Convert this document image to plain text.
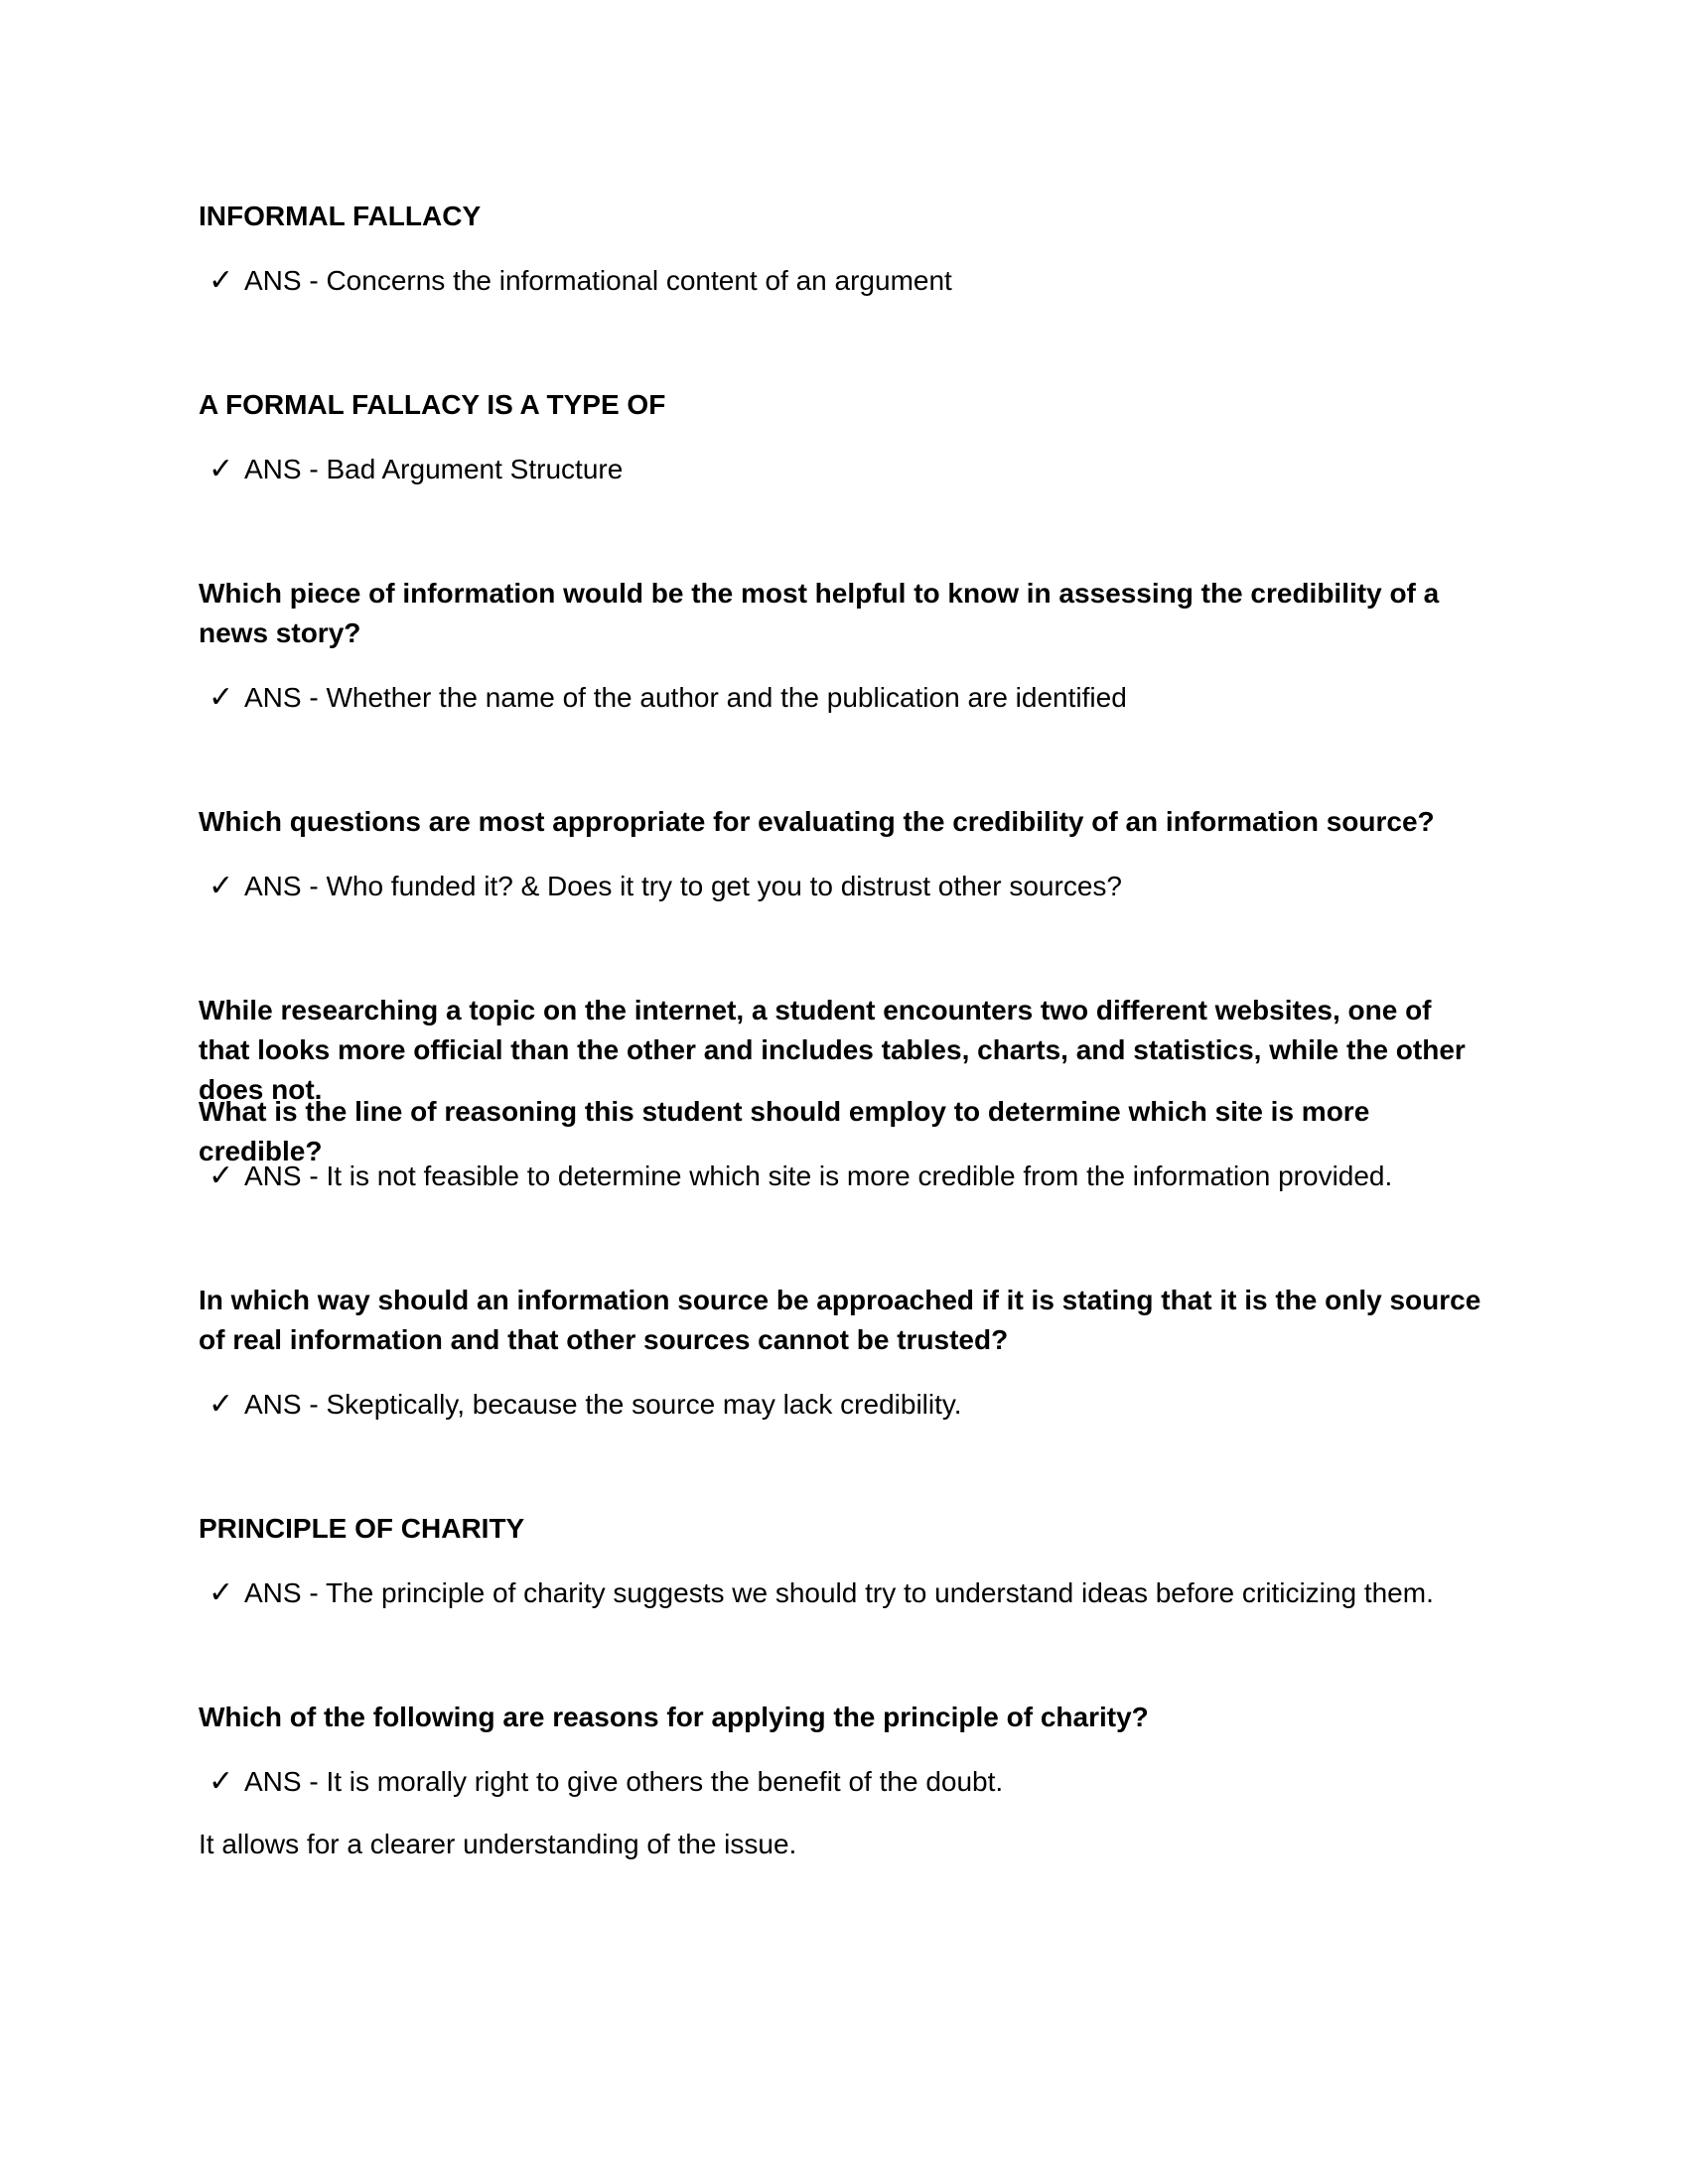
INFORMAL FALLACY

✓ ANS - Concerns the informational content of an argument

A FORMAL FALLACY IS A TYPE OF

✓ ANS - Bad Argument Structure

Which piece of information would be the most helpful to know in assessing the credibility of a news story?

✓ ANS - Whether the name of the author and the publication are identified

Which questions are most appropriate for evaluating the credibility of an information source?

✓ ANS - Who funded it? & Does it try to get you to distrust other sources?

While researching a topic on the internet, a student encounters two different websites, one of that looks more official than the other and includes tables, charts, and statistics, while the other does not.

What is the line of reasoning this student should employ to determine which site is more credible?

✓ ANS - It is not feasible to determine which site is more credible from the information provided.

In which way should an information source be approached if it is stating that it is the only source of real information and that other sources cannot be trusted?

✓ ANS - Skeptically, because the source may lack credibility.

PRINCIPLE OF CHARITY

✓ ANS - The principle of charity suggests we should try to understand ideas before criticizing them.

Which of the following are reasons for applying the principle of charity?

✓ ANS - It is morally right to give others the benefit of the doubt.

It allows for a clearer understanding of the issue.
